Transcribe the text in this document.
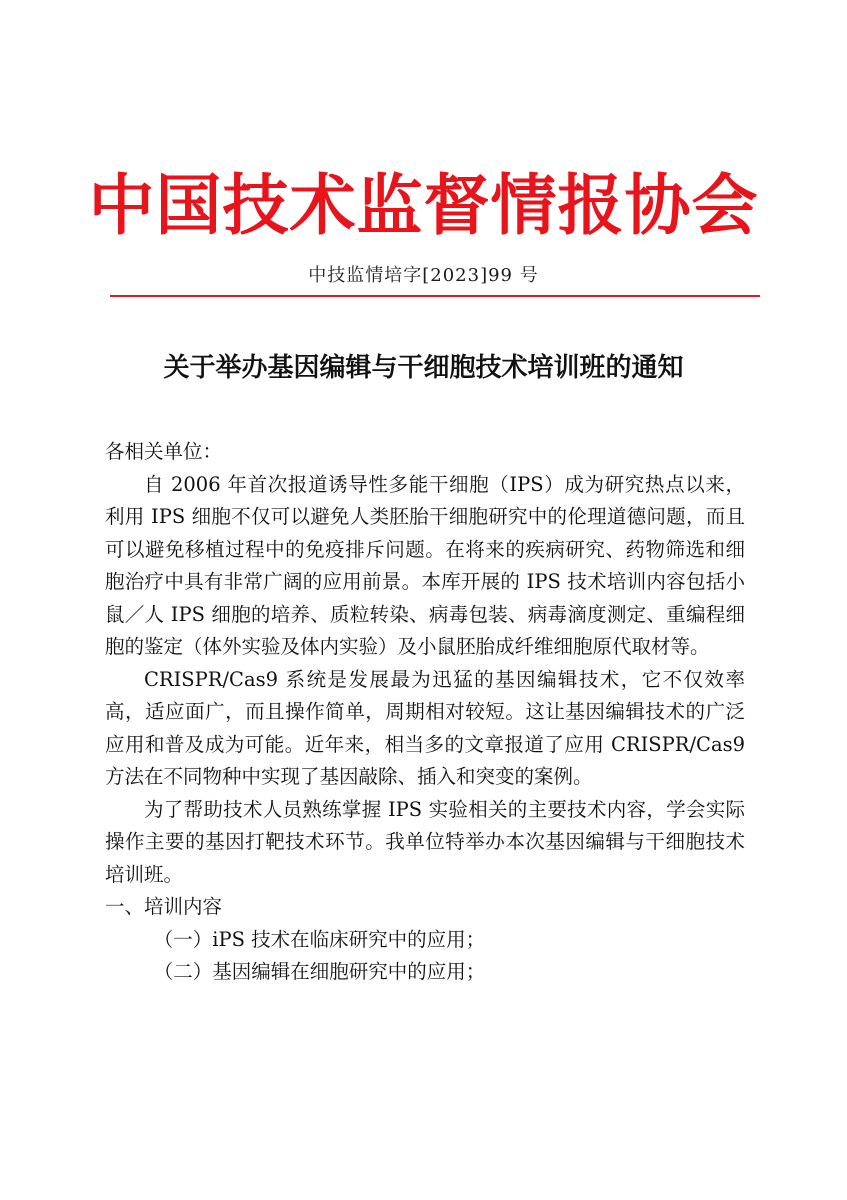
中国技术监督情报协会
中技监情培字[2023]99 号
关于举办基因编辑与干细胞技术培训班的通知

各相关单位：

自 2006 年首次报道诱导性多能干细胞（IPS）成为研究热点以来，利用 IPS 细胞不仅可以避免人类胚胎干细胞研究中的伦理道德问题，而且可以避免移植过程中的免疫排斥问题。在将来的疾病研究、药物筛选和细胞治疗中具有非常广阔的应用前景。本库开展的 IPS 技术培训内容包括小鼠／人 IPS 细胞的培养、质粒转染、病毒包装、病毒滴度测定、重编程细胞的鉴定（体外实验及体内实验）及小鼠胚胎成纤维细胞原代取材等。

CRISPR/Cas9 系统是发展最为迅猛的基因编辑技术，它不仅效率高，适应面广，而且操作简单，周期相对较短。这让基因编辑技术的广泛应用和普及成为可能。近年来，相当多的文章报道了应用 CRISPR/Cas9 方法在不同物种中实现了基因敲除、插入和突变的案例。

为了帮助技术人员熟练掌握 IPS 实验相关的主要技术内容，学会实际操作主要的基因打靶技术环节。我单位特举办本次基因编辑与干细胞技术培训班。

一、培训内容

（一）iPS 技术在临床研究中的应用；

（二）基因编辑在细胞研究中的应用；
